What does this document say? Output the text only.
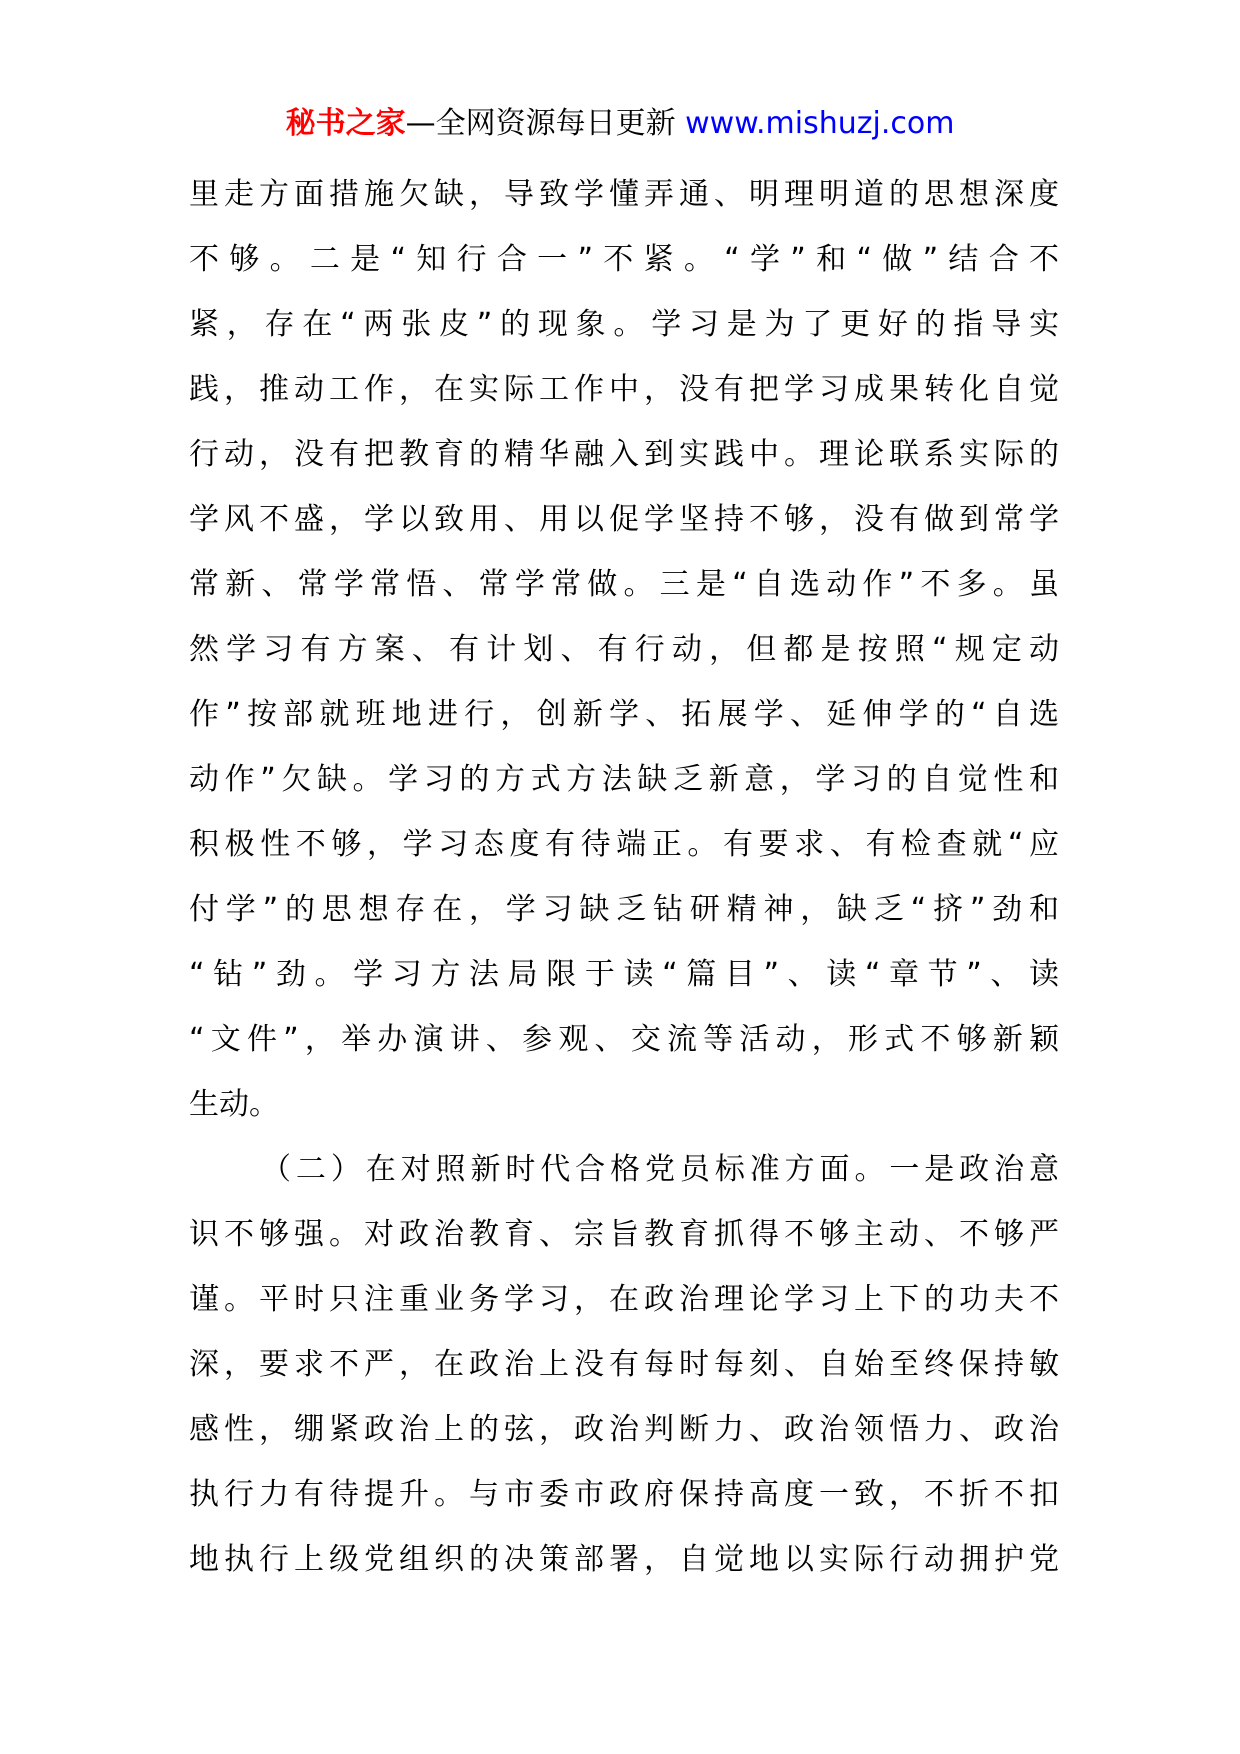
秘书之家—全网资源每日更新 www.mishuzj.com
里走方面措施欠缺，导致学懂弄通、明理明道的思想深度
不够。二是“知行合一”不紧。“学”和“做”结合不
紧，存在“两张皮”的现象。学习是为了更好的指导实
践，推动工作，在实际工作中，没有把学习成果转化自觉
行动，没有把教育的精华融入到实践中。理论联系实际的
学风不盛，学以致用、用以促学坚持不够，没有做到常学
常新、常学常悟、常学常做。三是“自选动作”不多。虽
然学习有方案、有计划、有行动，但都是按照“规定动
作”按部就班地进行，创新学、拓展学、延伸学的“自选
动作”欠缺。学习的方式方法缺乏新意，学习的自觉性和
积极性不够，学习态度有待端正。有要求、有检查就“应
付学”的思想存在，学习缺乏钻研精神，缺乏“挤”劲和
“钻”劲。学习方法局限于读“篇目”、读“章节”、读
“文件”，举办演讲、参观、交流等活动，形式不够新颖
生动。
（二）在对照新时代合格党员标准方面。一是政治意
识不够强。对政治教育、宗旨教育抓得不够主动、不够严
谨。平时只注重业务学习，在政治理论学习上下的功夫不
深，要求不严，在政治上没有每时每刻、自始至终保持敏
感性，绷紧政治上的弦，政治判断力、政治领悟力、政治
执行力有待提升。与市委市政府保持高度一致，不折不扣
地执行上级党组织的决策部署，自觉地以实际行动拥护党
